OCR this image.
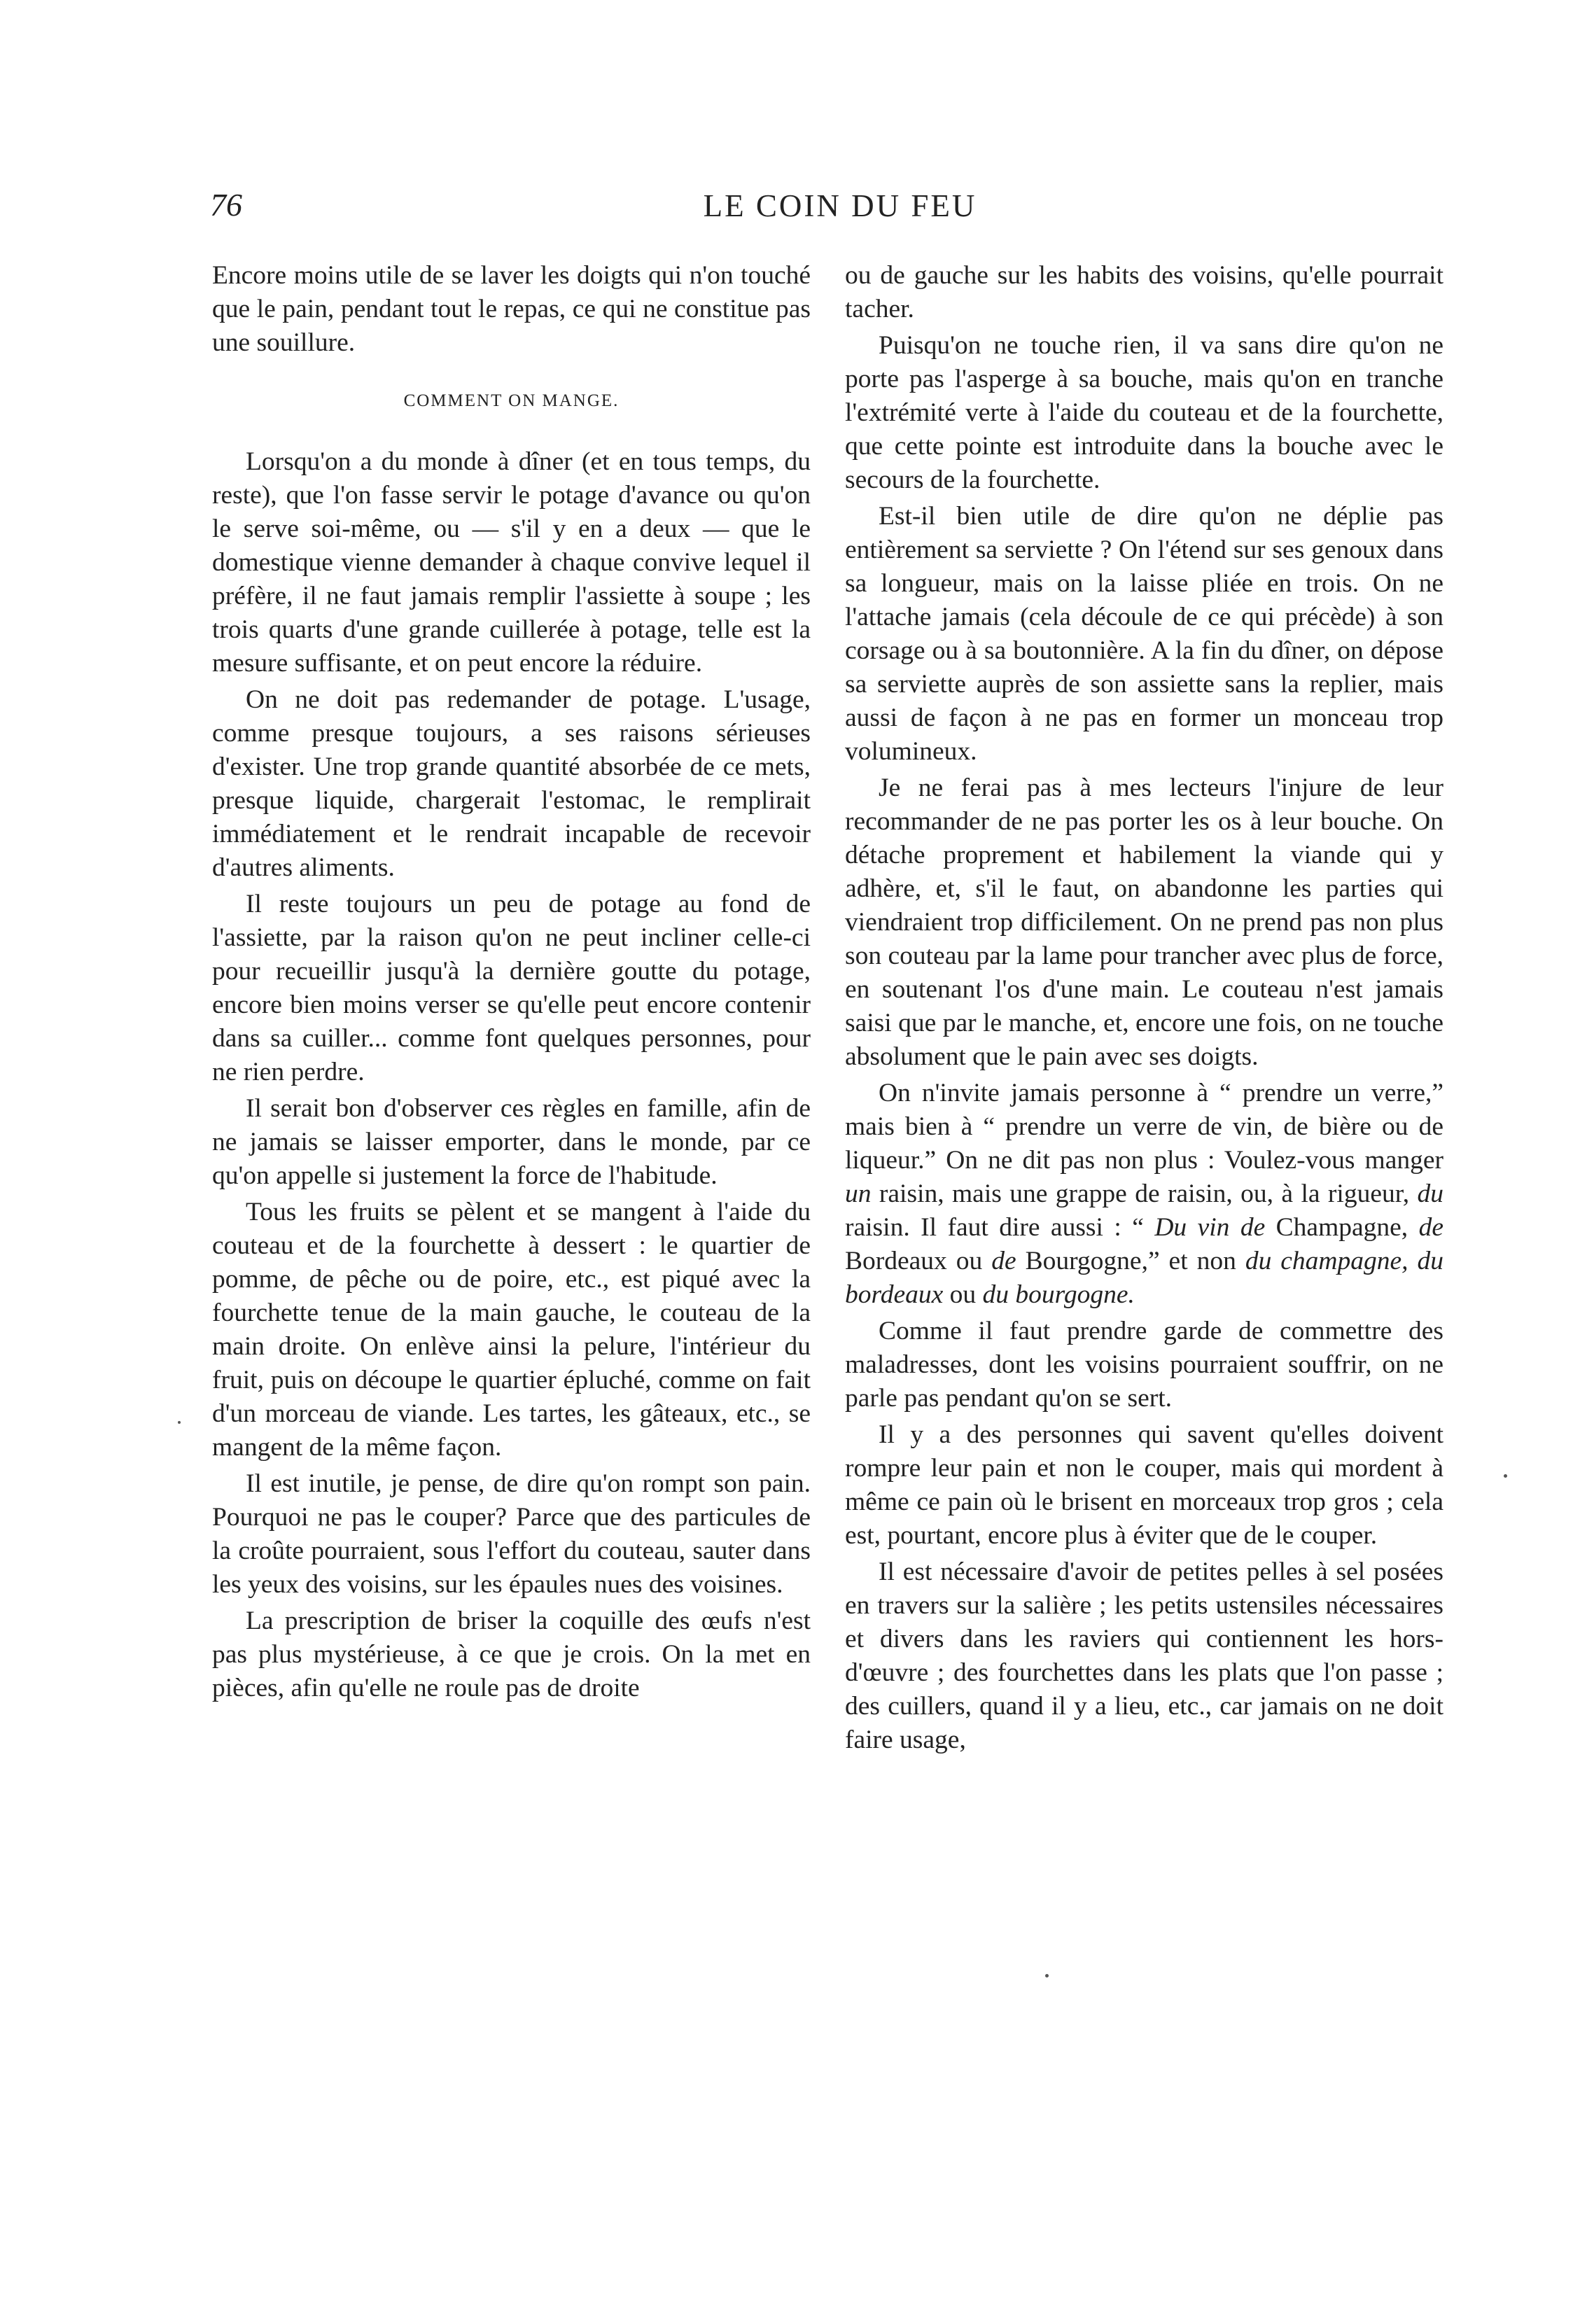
76	LE COIN DU FEU

Encore moins utile de se laver les doigts qui n'on touché que le pain, pendant tout le repas, ce qui ne constitue pas une souillure.

COMMENT ON MANGE.

Lorsqu'on a du monde à dîner (et en tous temps, du reste), que l'on fasse servir le potage d'avance ou qu'on le serve soi-même, ou — s'il y en a deux — que le domestique vienne demander à chaque convive lequel il préfère, il ne faut jamais remplir l'assiette à soupe ; les trois quarts d'une grande cuillerée à potage, telle est la mesure suffisante, et on peut encore la réduire.

On ne doit pas redemander de potage. L'usage, comme presque toujours, a ses raisons sérieuses d'exister. Une trop grande quantité absorbée de ce mets, presque liquide, chargerait l'estomac, le remplirait immédiatement et le rendrait incapable de recevoir d'autres aliments.

Il reste toujours un peu de potage au fond de l'assiette, par la raison qu'on ne peut incliner celle-ci pour recueillir jusqu'à la dernière goutte du potage, encore bien moins verser se qu'elle peut encore contenir dans sa cuiller... comme font quelques personnes, pour ne rien perdre.

Il serait bon d'observer ces règles en famille, afin de ne jamais se laisser emporter, dans le monde, par ce qu'on appelle si justement la force de l'habitude.

Tous les fruits se pèlent et se mangent à l'aide du couteau et de la fourchette à dessert : le quartier de pomme, de pêche ou de poire, etc., est piqué avec la fourchette tenue de la main gauche, le couteau de la main droite. On enlève ainsi la pelure, l'intérieur du fruit, puis on découpe le quartier épluché, comme on fait d'un morceau de viande. Les tartes, les gâteaux, etc., se mangent de la même façon.

Il est inutile, je pense, de dire qu'on rompt son pain. Pourquoi ne pas le couper? Parce que des particules de la croûte pourraient, sous l'effort du couteau, sauter dans les yeux des voisins, sur les épaules nues des voisines.

La prescription de briser la coquille des œufs n'est pas plus mystérieuse, à ce que je crois. On la met en pièces, afin qu'elle ne roule pas de droite

ou de gauche sur les habits des voisins, qu'elle pourrait tacher.

Puisqu'on ne touche rien, il va sans dire qu'on ne porte pas l'asperge à sa bouche, mais qu'on en tranche l'extrémité verte à l'aide du couteau et de la fourchette, que cette pointe est introduite dans la bouche avec le secours de la fourchette.

Est-il bien utile de dire qu'on ne déplie pas entièrement sa serviette ? On l'étend sur ses genoux dans sa longueur, mais on la laisse pliée en trois. On ne l'attache jamais (cela découle de ce qui précède) à son corsage ou à sa boutonnière. A la fin du dîner, on dépose sa serviette auprès de son assiette sans la replier, mais aussi de façon à ne pas en former un monceau trop volumineux.

Je ne ferai pas à mes lecteurs l'injure de leur recommander de ne pas porter les os à leur bouche. On détache proprement et habilement la viande qui y adhère, et, s'il le faut, on abandonne les parties qui viendraient trop difficilement. On ne prend pas non plus son couteau par la lame pour trancher avec plus de force, en soutenant l'os d'une main. Le couteau n'est jamais saisi que par le manche, et, encore une fois, on ne touche absolument que le pain avec ses doigts.

On n'invite jamais personne à “ prendre un verre,” mais bien à “ prendre un verre de vin, de bière ou de liqueur.” On ne dit pas non plus : Voulez-vous manger un raisin, mais une grappe de raisin, ou, à la rigueur, du raisin. Il faut dire aussi : “ Du vin de Champagne, de Bordeaux ou de Bourgogne,” et non du champagne, du bordeaux ou du bourgogne.

Comme il faut prendre garde de commettre des maladresses, dont les voisins pourraient souffrir, on ne parle pas pendant qu'on se sert.

Il y a des personnes qui savent qu'elles doivent rompre leur pain et non le couper, mais qui mordent à même ce pain où le brisent en morceaux trop gros ; cela est, pourtant, encore plus à éviter que de le couper.

Il est nécessaire d'avoir de petites pelles à sel posées en travers sur la salière ; les petits ustensiles nécessaires et divers dans les raviers qui contiennent les hors-d'œuvre ; des fourchettes dans les plats que l'on passe ; des cuillers, quand il y a lieu, etc., car jamais on ne doit faire usage,
